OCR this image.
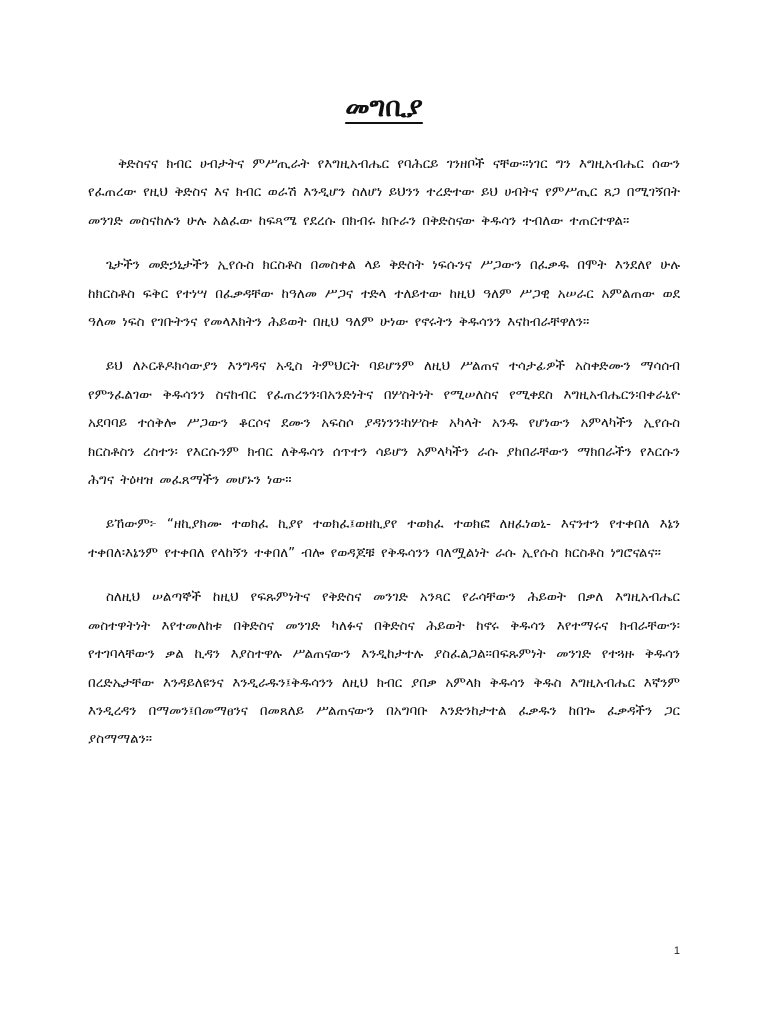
መግቢያ

ቅድስናና ክብር ሀብታትና ምሥጢራት የእግዚአብሔር የባሕርይ ገንዘቦች ናቸው።ነገር ግን እግዚአብሔር ሰውን የፈጠረው የዚህ ቅድስና እና ክብር ወራሽ እንዲሆን ስለሆነ ይህንን ተረድተው ይህ ሀብትና የምሥጢር ጸጋ በሚገኝበት መንገድ መስናከሉን ሁሉ አልፈው ከፍጻሜ የደረሱ በክብሩ ክቡራን በቅድስናው ቅዱሳን ተብለው ተጠርተዋል።

ጌታችን መድኃኒታችን ኢየሱስ ክርስቶስ በመስቀል ላይ ቅድስት ነፍሱንና ሥጋውን በፈቃዱ በሞት እንደለየ ሁሉ ከክርስቶስ ፍቅር የተነሣ በፈቃዳቸው ከዓለመ ሥጋና ተድላ ተለይተው ከዚህ ዓለም ሥጋዊ አሠራር አምልጠው ወደ ዓለመ ነፍስ የገቡትንና የመላእክትን ሕይወት በዚህ ዓለም ሁነው የኖሩትን ቅዱሳንን እናከብራቸዋለን።

ይህ ለኦርቶዶክሳውያን እንግዳና አዲስ ትምህርት ባይሆንም ለዚህ ሥልጠና ተሳታፊዎች አስቀድሙን ማሳሰብ የምንፈልገው ቅዱሳንን ስናከብር የፈጠረንን፡በአንድነትና በሦስትነት የሚሠለስና የሚቀደስ እግዚአብሔርን፡በቀራኒዮ አደባባይ ተሰቅሎ ሥጋውን ቆርሶና ደሙን አፍስሶ ያዳነንን፡ከሦስቱ አካላት አንዱ የሆነውን አምላካችን ኢየሱስ ክርስቶስን ረስተን፡ የእርሱንም ክብር ለቅዱሳን ሰጥተን ሳይሆን አምላካችን ራሱ ያከበራቸውን ማክበራችን የእርሱን ሕግና ትዕዛዝ መፈጸማችን መሆኑን ነው።

ይኸውም፦ “ዘኪያክሙ ተወክፈ ኪያየ ተወክፈ፤ወዘኪያየ ተወክፈ ተወክፎ ለዘፈነወኒ- እናንተን የተቀበለ እኔን ተቀበለ፡እኔንም የተቀበለ የላከኝን ተቀበለ” ብሎ የወዳጆቹ የቅዱሳንን ባለሟልነት ራሱ ኢየሱስ ክርስቶስ ነግሮናልና።

ስለዚህ ሠልጣኞች ከዚህ የፍጹምነትና የቅድስና መንገድ አንጻር የራሳቸውን ሕይወት በቃለ እግዚአብሔር መስተዋትነት እየተመለከቱ በቅድስና መንገድ ካለፉና በቅድስና ሕይወት ከኖሩ ቅዱሳን እየተማሩና ክብራቸውን፡የተገባላቸውን ቃል ኪዳን እያስተዋሉ ሥልጠናውን እንዲከታተሉ ያስፈልጋል።በፍጹምነት መንገድ የተጓዙ ቅዱሳን በረድኤታቸው እንዳይለዩንና እንዲራዱን፤ቅዱሳንን ለዚህ ክብር ያበቃ አምላክ ቅዱሳን ቅዱስ እግዚአብሔር እኛንም እንዲረዳን በማመን፤በመማፀንና በመጸለይ ሥልጠናውን በአግባቡ እንድንከታተል ፈቃዱን ከበጐ ፈቃዳችን ጋር ያስማማልን።

1
